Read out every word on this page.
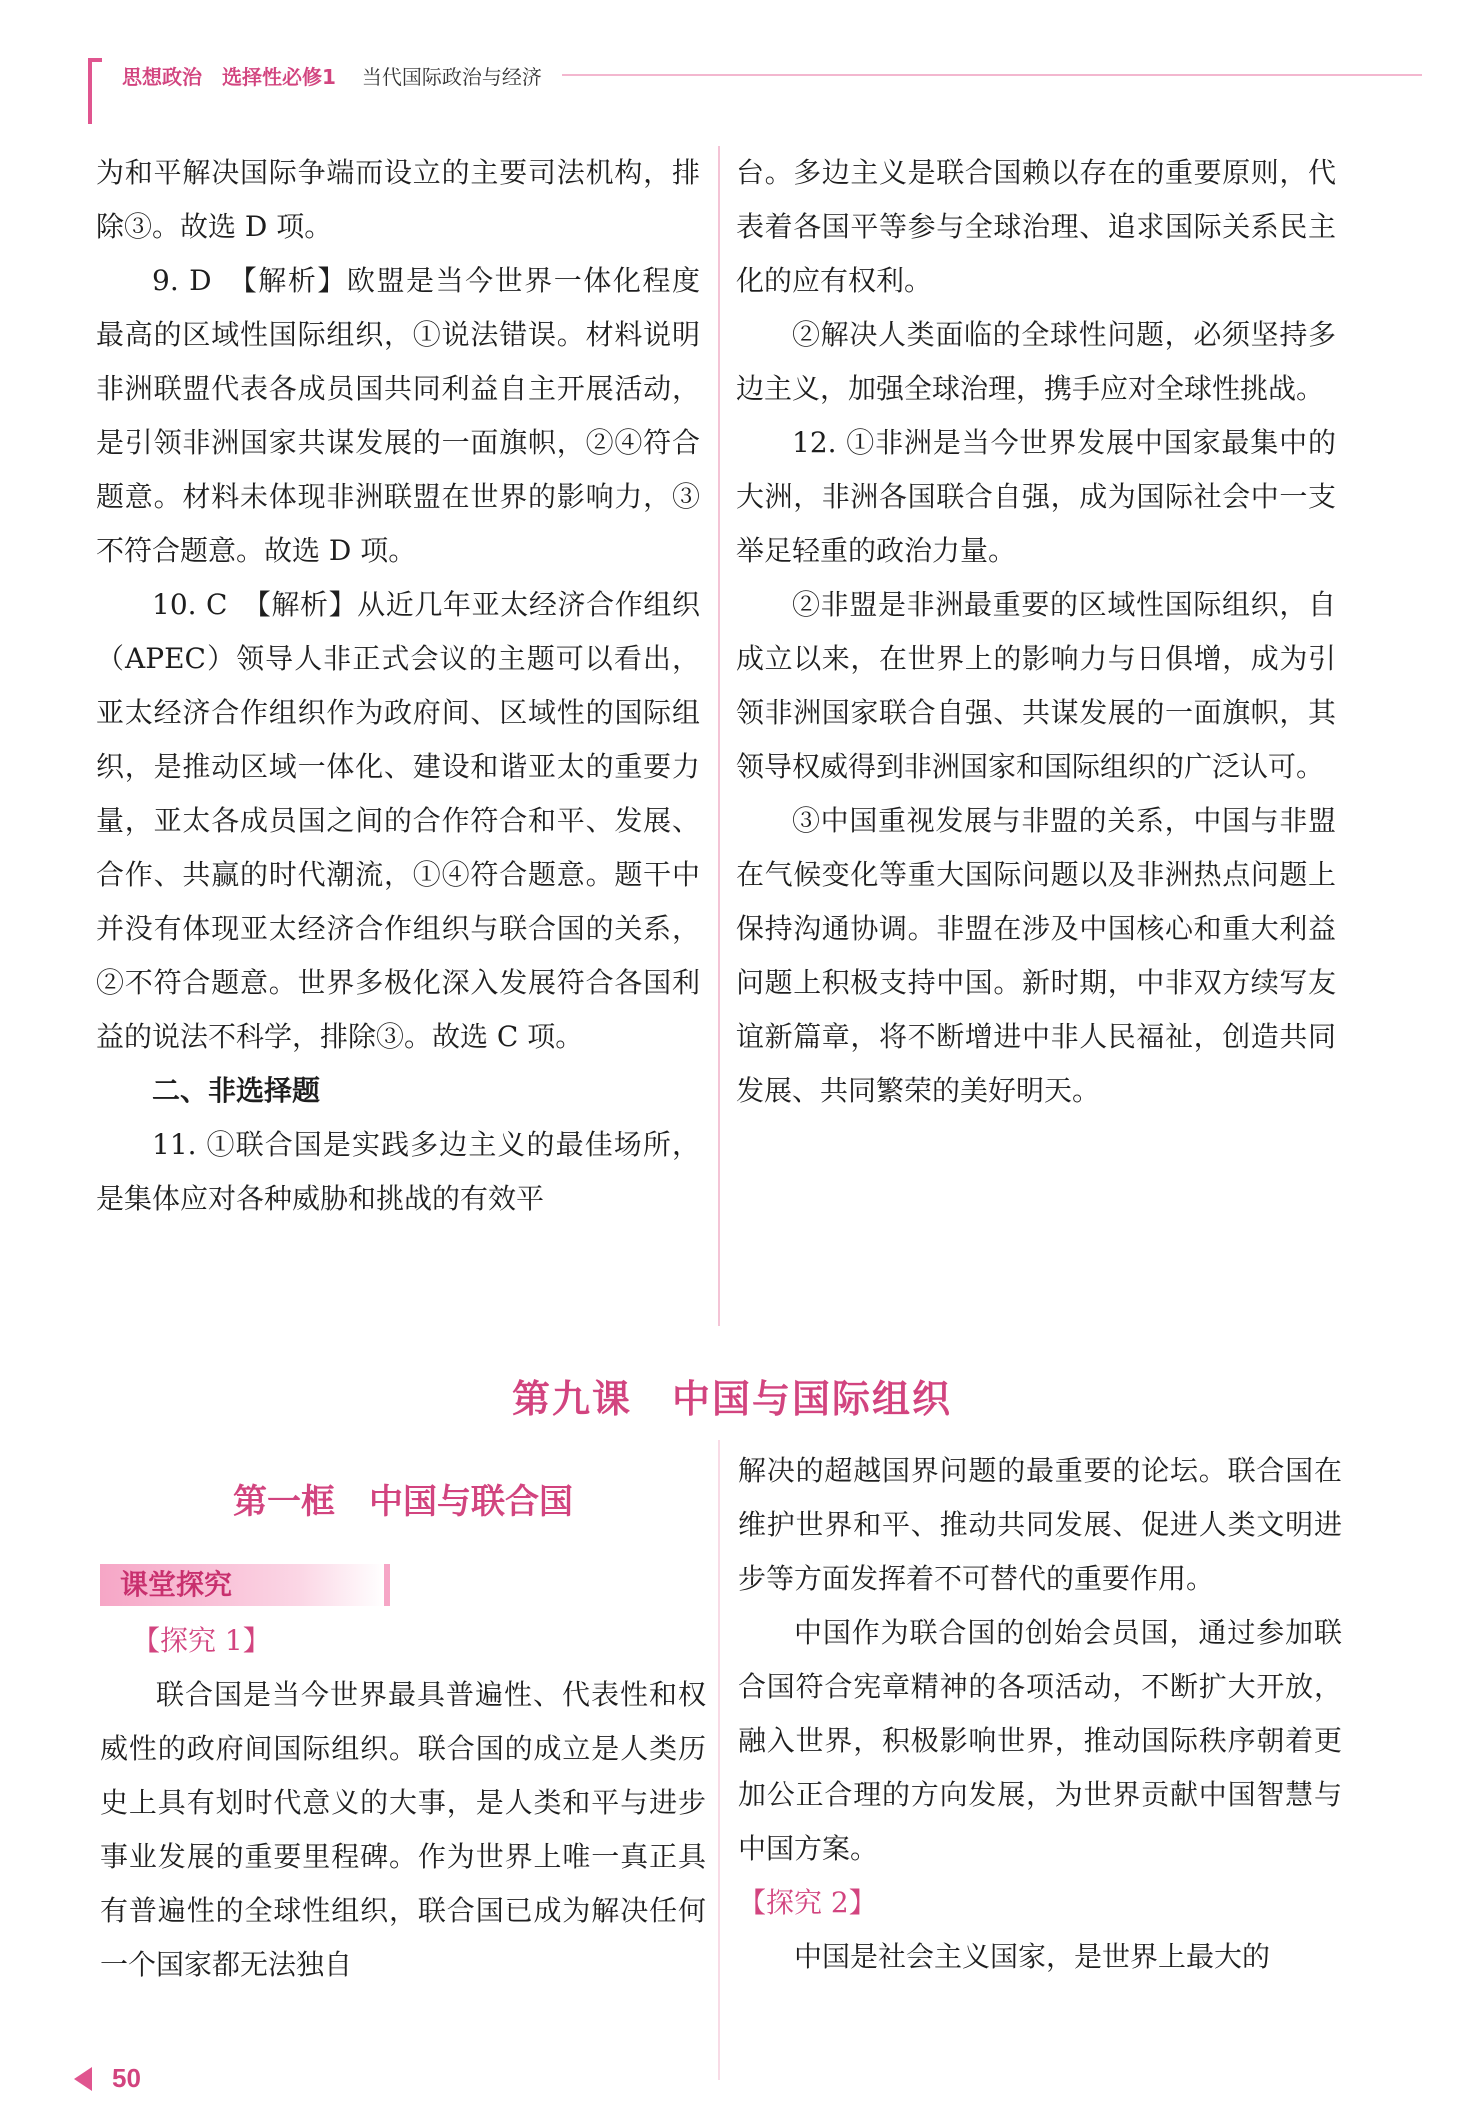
思想政治 选择性必修1 当代国际政治与经济

为和平解决国际争端而设立的主要司法机构，排除③。故选 D 项。

9. D　【解析】欧盟是当今世界一体化程度最高的区域性国际组织，①说法错误。材料说明非洲联盟代表各成员国共同利益自主开展活动，是引领非洲国家共谋发展的一面旗帜，②④符合题意。材料未体现非洲联盟在世界的影响力，③不符合题意。故选 D 项。

10. C　【解析】从近几年亚太经济合作组织（APEC）领导人非正式会议的主题可以看出，亚太经济合作组织作为政府间、区域性的国际组织，是推动区域一体化、建设和谐亚太的重要力量，亚太各成员国之间的合作符合和平、发展、合作、共赢的时代潮流，①④符合题意。题干中并没有体现亚太经济合作组织与联合国的关系，②不符合题意。世界多极化深入发展符合各国利益的说法不科学，排除③。故选 C 项。

二、非选择题

11. ①联合国是实践多边主义的最佳场所，是集体应对各种威胁和挑战的有效平

台。多边主义是联合国赖以存在的重要原则，代表着各国平等参与全球治理、追求国际关系民主化的应有权利。

②解决人类面临的全球性问题，必须坚持多边主义，加强全球治理，携手应对全球性挑战。

12. ①非洲是当今世界发展中国家最集中的大洲，非洲各国联合自强，成为国际社会中一支举足轻重的政治力量。

②非盟是非洲最重要的区域性国际组织，自成立以来，在世界上的影响力与日俱增，成为引领非洲国家联合自强、共谋发展的一面旗帜，其领导权威得到非洲国家和国际组织的广泛认可。

③中国重视发展与非盟的关系，中国与非盟在气候变化等重大国际问题以及非洲热点问题上保持沟通协调。非盟在涉及中国核心和重大利益问题上积极支持中国。新时期，中非双方续写友谊新篇章，将不断增进中非人民福祉，创造共同发展、共同繁荣的美好明天。

第九课　中国与国际组织
第一框　中国与联合国
课堂探究
【探究 1】

联合国是当今世界最具普遍性、代表性和权威性的政府间国际组织。联合国的成立是人类历史上具有划时代意义的大事，是人类和平与进步事业发展的重要里程碑。作为世界上唯一真正具有普遍性的全球性组织，联合国已成为解决任何一个国家都无法独自

解决的超越国界问题的最重要的论坛。联合国在维护世界和平、推动共同发展、促进人类文明进步等方面发挥着不可替代的重要作用。

中国作为联合国的创始会员国，通过参加联合国符合宪章精神的各项活动，不断扩大开放，融入世界，积极影响世界，推动国际秩序朝着更加公正合理的方向发展，为世界贡献中国智慧与中国方案。

【探究 2】

中国是社会主义国家，是世界上最大的

50
